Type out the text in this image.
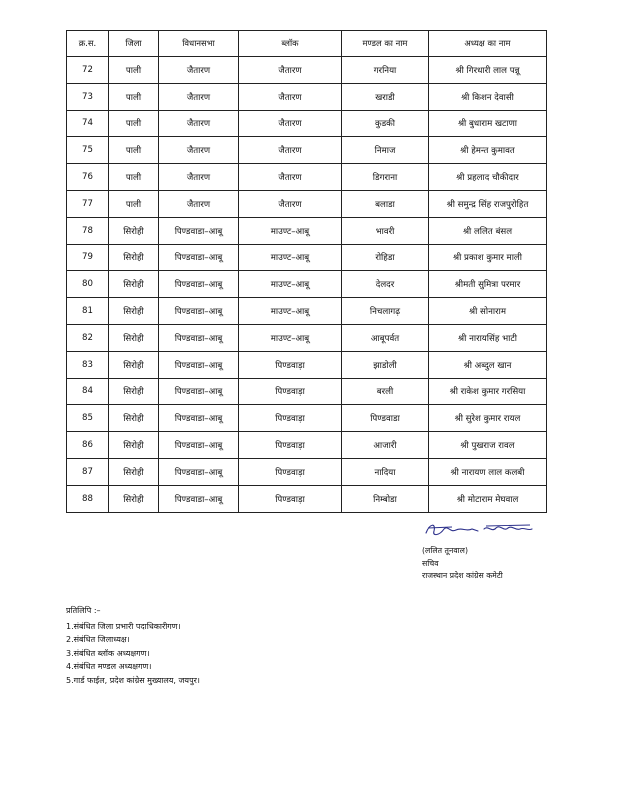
क्र.स.	जिला	विधानसभा	ब्लॉक	मण्डल का नाम	अध्यक्ष का नाम
72	पाली	जैतारण	जैतारण	गरनिया	श्री गिरधारी लाल पन्नू
73	पाली	जैतारण	जैतारण	खराडी	श्री किशन देवासी
74	पाली	जैतारण	जैतारण	कुडकी	श्री बुधाराम खटाणा
75	पाली	जैतारण	जैतारण	निमाज	श्री हेमन्त कुमावत
76	पाली	जैतारण	जैतारण	डिगराना	श्री प्रहलाद चौकीदार
77	पाली	जैतारण	जैतारण	बलाडा	श्री समुन्द्र सिंह राजपुरोहित
78	सिरोही	पिण्डवाडा–आबू	माउण्ट–आबू	भावरी	श्री ललित बंसल
79	सिरोही	पिण्डवाडा–आबू	माउण्ट–आबू	रोहिडा	श्री प्रकाश कुमार माली
80	सिरोही	पिण्डवाडा–आबू	माउण्ट–आबू	देलदर	श्रीमती सुमित्रा परमार
81	सिरोही	पिण्डवाडा–आबू	माउण्ट–आबू	निचलागढ़	श्री सोनाराम
82	सिरोही	पिण्डवाडा–आबू	माउण्ट–आबू	आबूपर्वत	श्री नारायसिंह भाटी
83	सिरोही	पिण्डवाडा–आबू	पिण्डवाड़ा	झाडोली	श्री अब्दुल खान
84	सिरोही	पिण्डवाडा–आबू	पिण्डवाड़ा	बरली	श्री राकेश कुमार गरसिया
85	सिरोही	पिण्डवाडा–आबू	पिण्डवाड़ा	पिण्डवाडा	श्री सुरेश कुमार रायल
86	सिरोही	पिण्डवाडा–आबू	पिण्डवाड़ा	आजारी	श्री पुखराज रावल
87	सिरोही	पिण्डवाडा–आबू	पिण्डवाड़ा	नादिया	श्री नारायण लाल कलबी
88	सिरोही	पिण्डवाडा–आबू	पिण्डवाड़ा	निम्बोडा	श्री मोटाराम मेघवाल
(ललित तूनवाल)
सचिव
राजस्थान प्रदेश कांग्रेस कमेटी
प्रतिलिपि :–
1.संबंधित जिला प्रभारी पदाधिकारीगण।
2.संबंधित जिलाध्यक्ष।
3.संबंधित ब्लॉक अध्यक्षगण।
4.संबंधित मण्डल अध्यक्षगण।
5.गार्ड फाईल, प्रदेश कांग्रेस मुख्यालय, जयपुर।
